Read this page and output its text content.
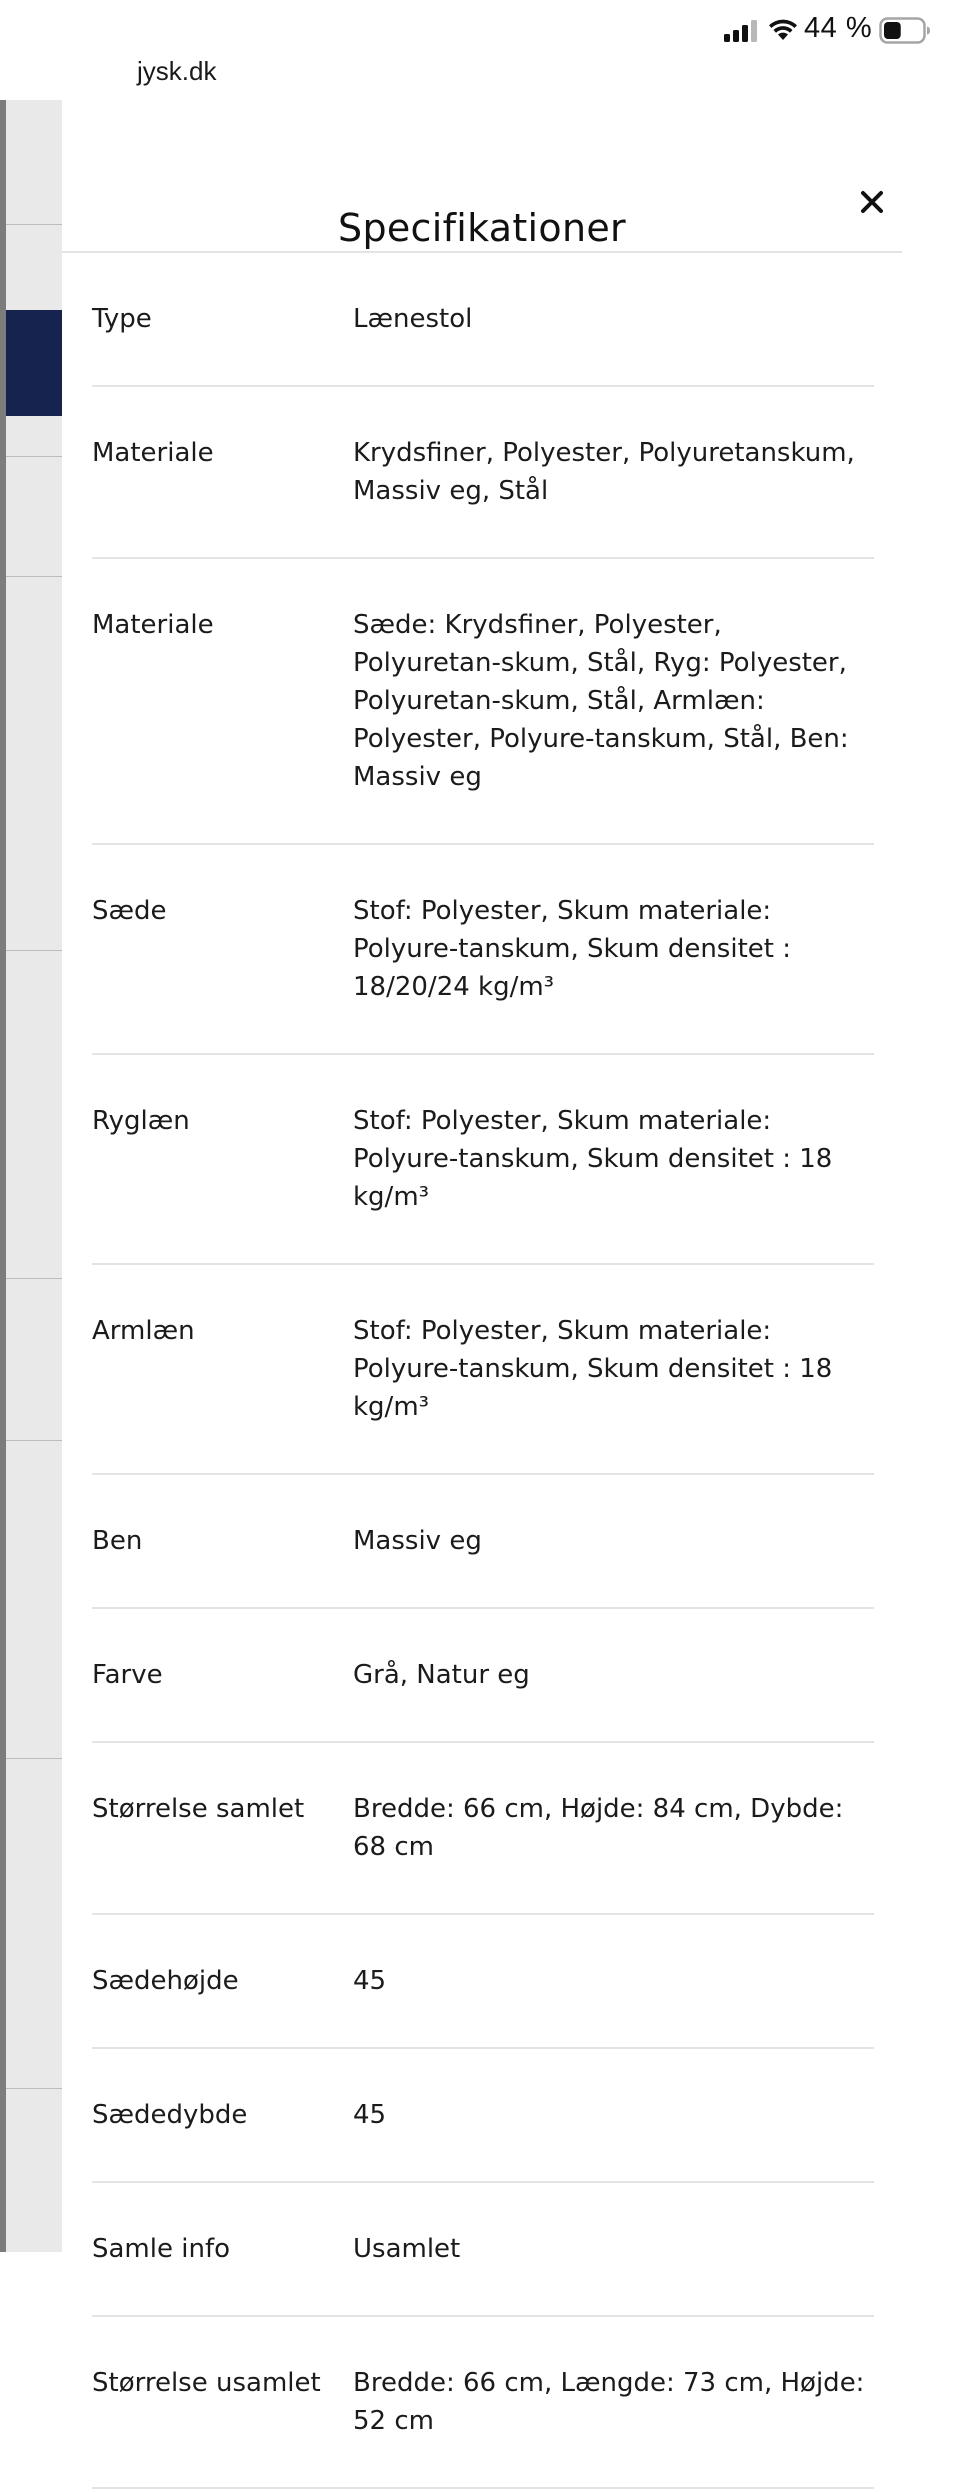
44 %
jysk.dk
Specifikationer
Type	Lænestol
Materiale	Krydsfiner, Polyester, Polyuretanskum, Massiv eg, Stål
Materiale	Sæde: Krydsfiner, Polyester, Polyuretan-skum, Stål, Ryg: Polyester, Polyuretan-skum, Stål, Armlæn: Polyester, Polyure-tanskum, Stål, Ben: Massiv eg
Sæde	Stof: Polyester, Skum materiale: Polyure-tanskum, Skum densitet : 18/20/24 kg/m³
Ryglæn	Stof: Polyester, Skum materiale: Polyure-tanskum, Skum densitet : 18 kg/m³
Armlæn	Stof: Polyester, Skum materiale: Polyure-tanskum, Skum densitet : 18 kg/m³
Ben	Massiv eg
Farve	Grå, Natur eg
Størrelse samlet	Bredde: 66 cm, Højde: 84 cm, Dybde: 68 cm
Sædehøjde	45
Sædedybde	45
Samle info	Usamlet
Størrelse usamlet	Bredde: 66 cm, Længde: 73 cm, Højde: 52 cm
